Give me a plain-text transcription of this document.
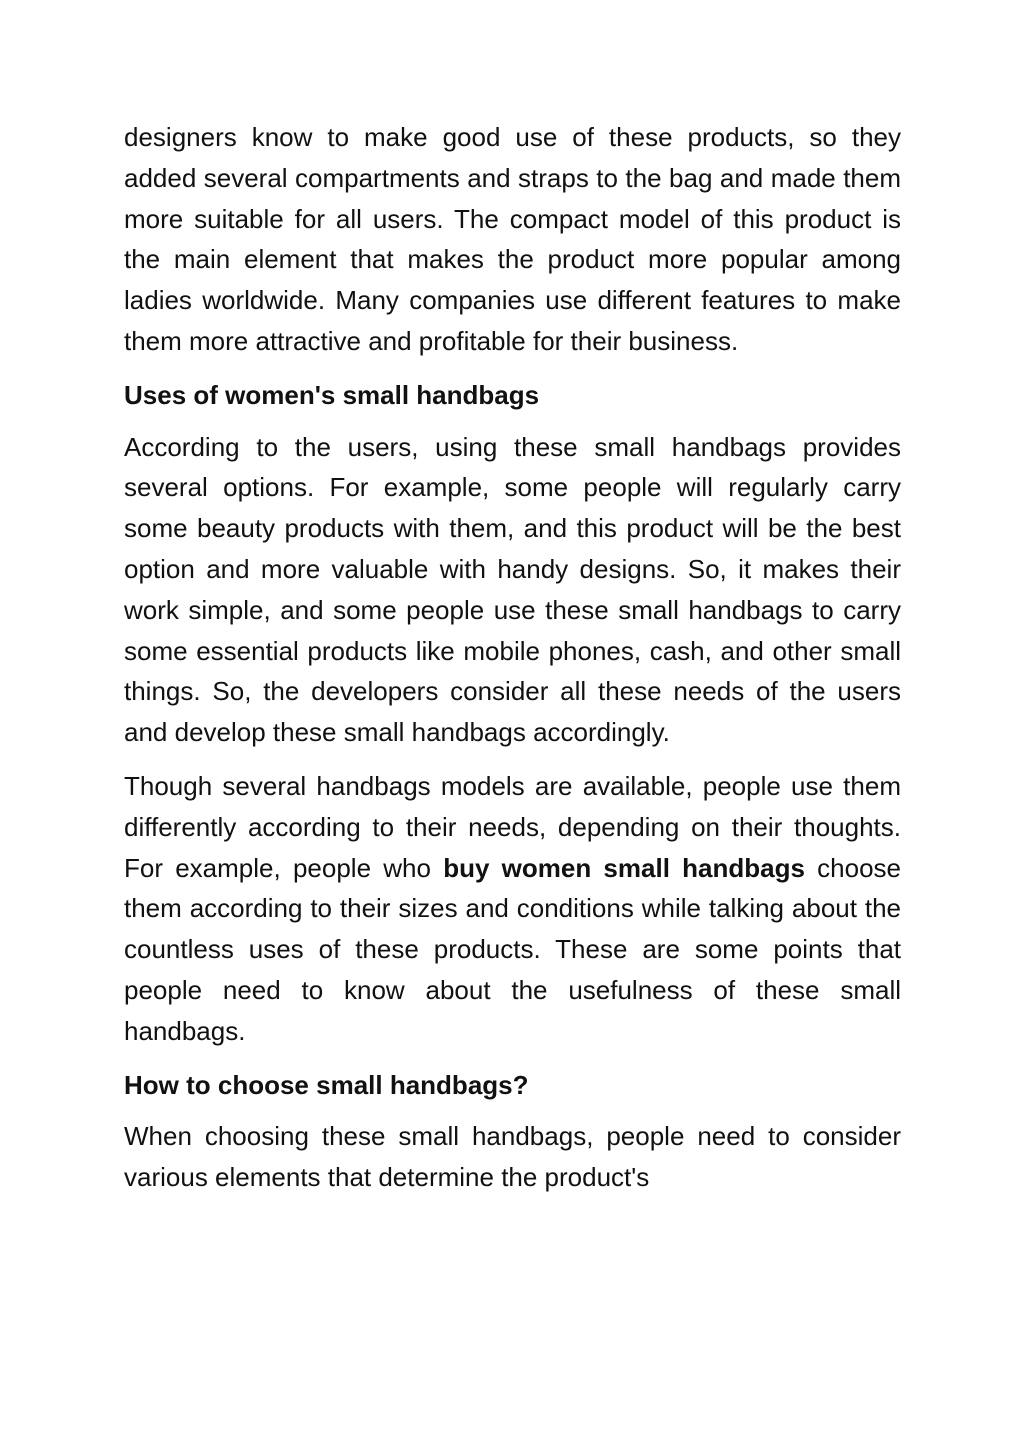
designers know to make good use of these products, so they added several compartments and straps to the bag and made them more suitable for all users. The compact model of this product is the main element that makes the product more popular among ladies worldwide. Many companies use different features to make them more attractive and profitable for their business.

Uses of women's small handbags

According to the users, using these small handbags provides several options. For example, some people will regularly carry some beauty products with them, and this product will be the best option and more valuable with handy designs. So, it makes their work simple, and some people use these small handbags to carry some essential products like mobile phones, cash, and other small things. So, the developers consider all these needs of the users and develop these small handbags accordingly.

Though several handbags models are available, people use them differently according to their needs, depending on their thoughts. For example, people who buy women small handbags choose them according to their sizes and conditions while talking about the countless uses of these products. These are some points that people need to know about the usefulness of these small handbags.

How to choose small handbags?

When choosing these small handbags, people need to consider various elements that determine the product's
